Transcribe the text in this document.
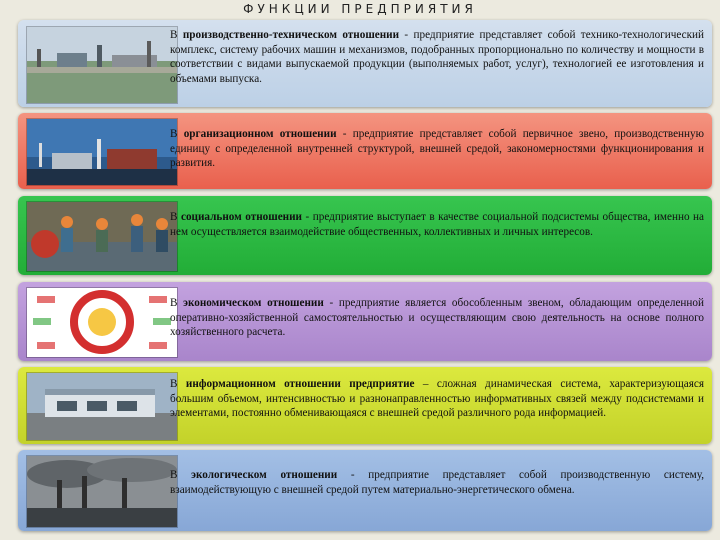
ФУНКЦИИ ПРЕДПРИЯТИЯ
В производственно-техническом отношении - предприятие представляет собой технико-технологический комплекс, систему рабочих машин и механизмов, подобранных пропорционально по количеству и мощности в соответствии с видами выпускаемой продукции (выполняемых работ, услуг), технологией ее изготовления и объемами выпуска.
В организационном отношении - предприятие представляет собой первичное звено, производственную единицу с определенной внутренней структурой, внешней средой, закономерностями функционирования и развития.
В социальном отношении - предприятие выступает в качестве социальной подсистемы общества, именно на нем осуществляется взаимодействие общественных, коллективных и личных интересов.
В экономическом отношении - предприятие является обособленным звеном, обладающим определенной оперативно-хозяйственной самостоятельностью и осуществляющим свою деятельность на основе полного хозяйственного расчета.
В информационном отношении предприятие – сложная динамическая система, характеризующаяся большим объемом, интенсивностью и разнонаправленностью информативных связей между подсистемами и элементами, постоянно обменивающаяся с внешней средой различного рода информацией.
В экологическом отношении - предприятие представляет собой производственную систему, взаимодействующую с внешней средой путем материально-энергетического обмена.
